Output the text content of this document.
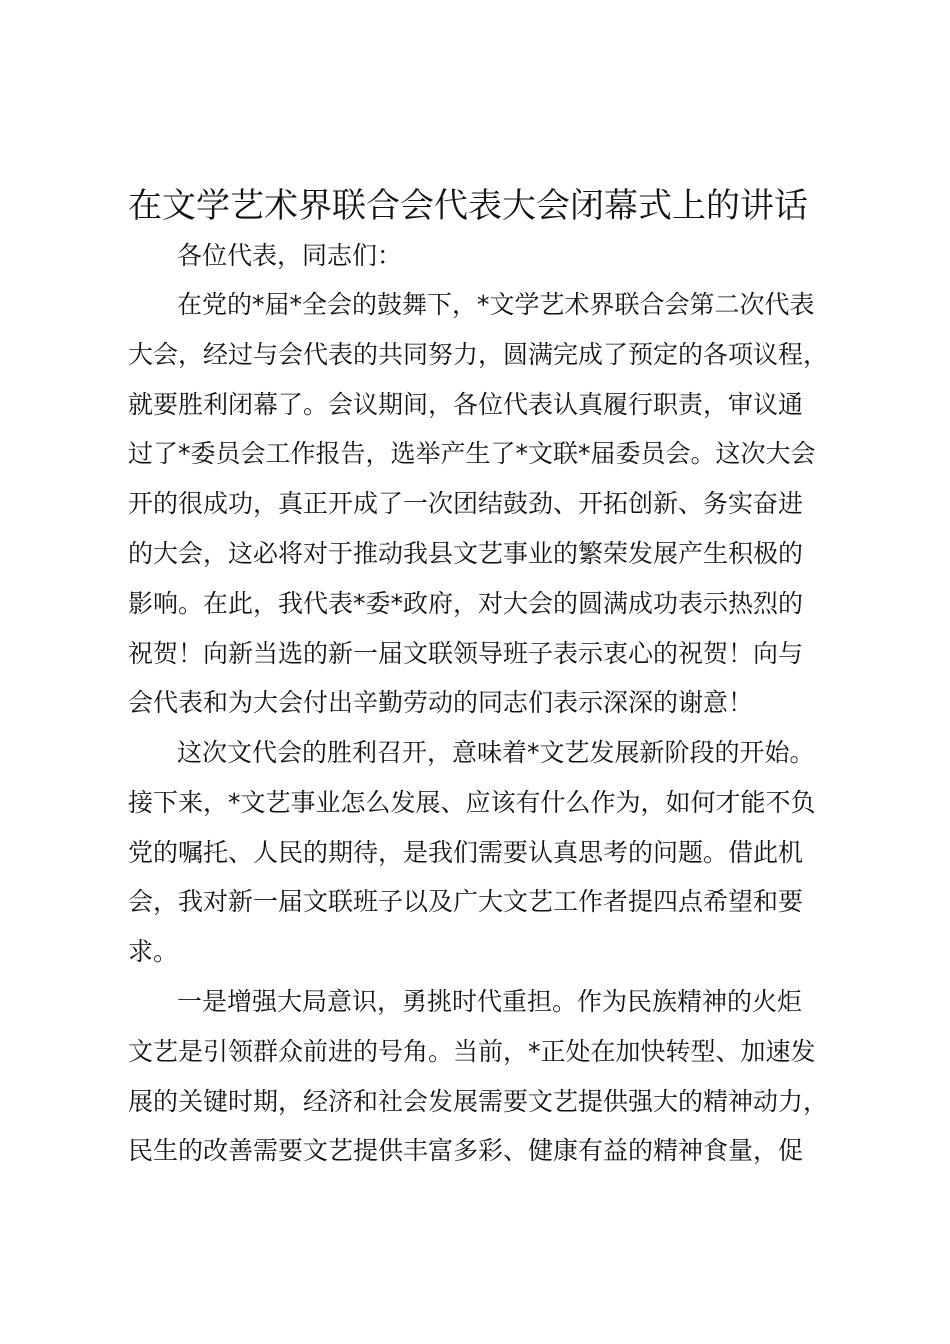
在文学艺术界联合会代表大会闭幕式上的讲话

各位代表，同志们：

在党的*届*全会的鼓舞下，*文学艺术界联合会第二次代表

大会，经过与会代表的共同努力，圆满完成了预定的各项议程，

就要胜利闭幕了。会议期间，各位代表认真履行职责，审议通

过了*委员会工作报告，选举产生了*文联*届委员会。这次大会

开的很成功，真正开成了一次团结鼓劲、开拓创新、务实奋进

的大会，这必将对于推动我县文艺事业的繁荣发展产生积极的

影响。在此，我代表*委*政府，对大会的圆满成功表示热烈的

祝贺！向新当选的新一届文联领导班子表示衷心的祝贺！向与

会代表和为大会付出辛勤劳动的同志们表示深深的谢意！

这次文代会的胜利召开，意味着*文艺发展新阶段的开始。

接下来，*文艺事业怎么发展、应该有什么作为，如何才能不负

党的嘱托、人民的期待，是我们需要认真思考的问题。借此机

会，我对新一届文联班子以及广大文艺工作者提四点希望和要

求。

一是增强大局意识，勇挑时代重担。作为民族精神的火炬

文艺是引领群众前进的号角。当前，*正处在加快转型、加速发

展的关键时期，经济和社会发展需要文艺提供强大的精神动力，

民生的改善需要文艺提供丰富多彩、健康有益的精神食量，促
